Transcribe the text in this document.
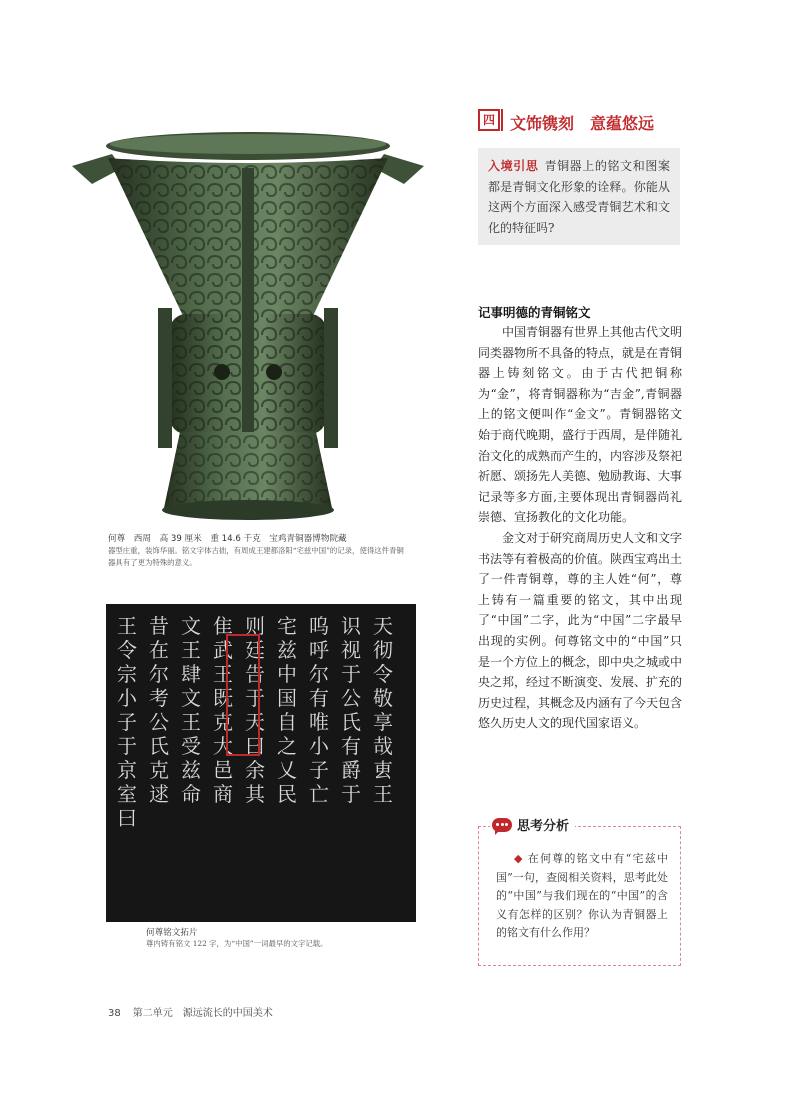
何尊　西周　高 39 厘米　重 14.6 千克　宝鸡青铜器博物院藏
器型庄重，装饰华丽。铭文字体古拙，有周成王建都洛阳“宅兹中国”的记录，使得这件青铜器具有了更为特殊的意义。
王令宗小子于京室曰
昔在尔考公氏克逑
文王肆文王受兹命
隹武王既克大邑商
则廷告于天曰余其
宅兹中国自之乂民
呜呼尔有唯小子亡
识视于公氏有爵于
天彻令敬享哉叀王
何尊铭文拓片
尊内铸有铭文 122 字，为“中国”一词最早的文字记载。
四 文饰镌刻　意蕴悠远
入境引思 青铜器上的铭文和图案都是青铜文化形象的诠释。你能从这两个方面深入感受青铜艺术和文化的特征吗?
记事明德的青铜铭文

中国青铜器有世界上其他古代文明同类器物所不具备的特点，就是在青铜器上铸刻铭文。由于古代把铜称为“金”，将青铜器称为“吉金”,青铜器上的铭文便叫作“金文”。青铜器铭文始于商代晚期，盛行于西周，是伴随礼治文化的成熟而产生的，内容涉及祭祀祈愿、颂扬先人美德、勉励教诲、大事记录等多方面,主要体现出青铜器尚礼崇德、宣扬教化的文化功能。

金文对于研究商周历史人文和文字书法等有着极高的价值。陕西宝鸡出土了一件青铜尊，尊的主人姓“何”，尊上铸有一篇重要的铭文，其中出现了“中国”二字，此为“中国”二字最早出现的实例。何尊铭文中的“中国”只是一个方位上的概念，即中央之城或中央之邦，经过不断演变、发展、扩充的历史过程，其概念及内涵有了今天包含悠久历史人文的现代国家语义。

思考分析
◆ 在何尊的铭文中有“宅兹中国”一句，查阅相关资料，思考此处的“中国”与我们现在的“中国”的含义有怎样的区别？你认为青铜器上的铭文有什么作用？
38 第二单元　源远流长的中国美术
